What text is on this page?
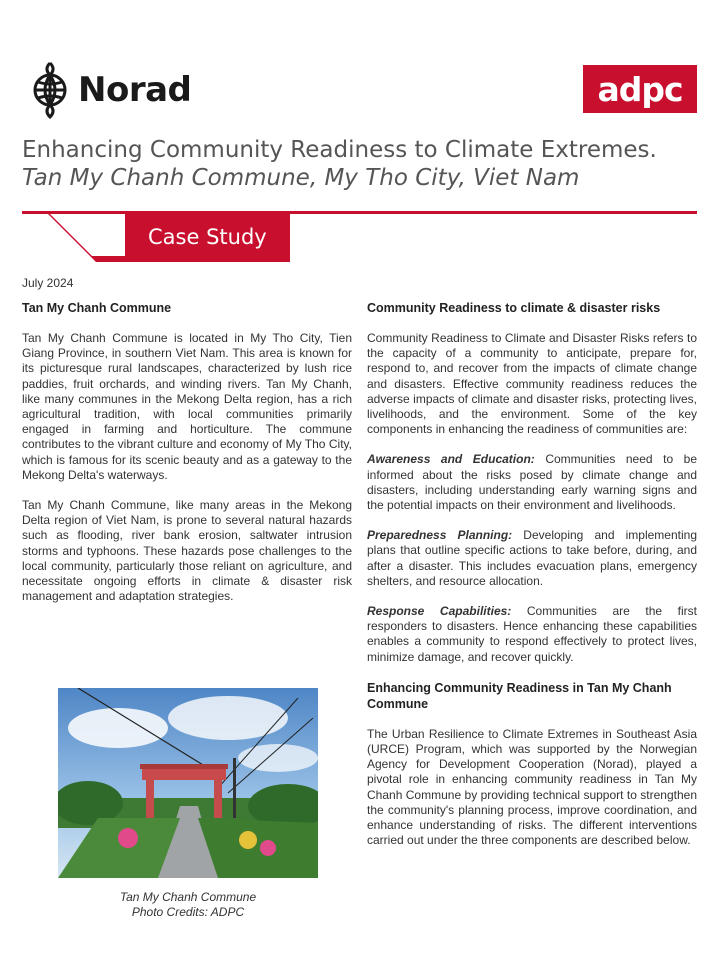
Norad	adpc
Enhancing Community Readiness to Climate Extremes.
Tan My Chanh Commune, My Tho City, Viet Nam
Case Study
July 2024
Tan My Chanh Commune

Tan My Chanh Commune is located in My Tho City, Tien Giang Province, in southern Viet Nam. This area is known for its picturesque rural landscapes, characterized by lush rice paddies, fruit orchards, and winding rivers. Tan My Chanh, like many communes in the Mekong Delta region, has a rich agricultural tradition, with local communities primarily engaged in farming and horticulture. The commune contributes to the vibrant culture and economy of My Tho City, which is famous for its scenic beauty and as a gateway to the Mekong Delta's waterways.

Tan My Chanh Commune, like many areas in the Mekong Delta region of Viet Nam, is prone to several natural hazards such as flooding, river bank erosion, saltwater intrusion storms and typhoons. These hazards pose challenges to the local community, particularly those reliant on agriculture, and necessitate ongoing efforts in climate & disaster risk management and adaptation strategies.

Tan My Chanh Commune
Photo Credits: ADPC
Community Readiness to climate & disaster risks

Community Readiness to Climate and Disaster Risks refers to the capacity of a community to anticipate, prepare for, respond to, and recover from the impacts of climate change and disasters. Effective community readiness reduces the adverse impacts of climate and disaster risks, protecting lives, livelihoods, and the environment. Some of the key components in enhancing the readiness of communities are:

Awareness and Education: Communities need to be informed about the risks posed by climate change and disasters, including understanding early warning signs and the potential impacts on their environment and livelihoods.

Preparedness Planning: Developing and implementing plans that outline specific actions to take before, during, and after a disaster. This includes evacuation plans, emergency shelters, and resource allocation.

Response Capabilities: Communities are the first responders to disasters. Hence enhancing these capabilities enables a community to respond effectively to protect lives, minimize damage, and recover quickly.

Enhancing Community Readiness in Tan My Chanh Commune

The Urban Resilience to Climate Extremes in Southeast Asia (URCE) Program, which was supported by the Norwegian Agency for Development Cooperation (Norad), played a pivotal role in enhancing community readiness in Tan My Chanh Commune by providing technical support to strengthen the community's planning process, improve coordination, and enhance understanding of risks. The different interventions carried out under the three components are described below.
